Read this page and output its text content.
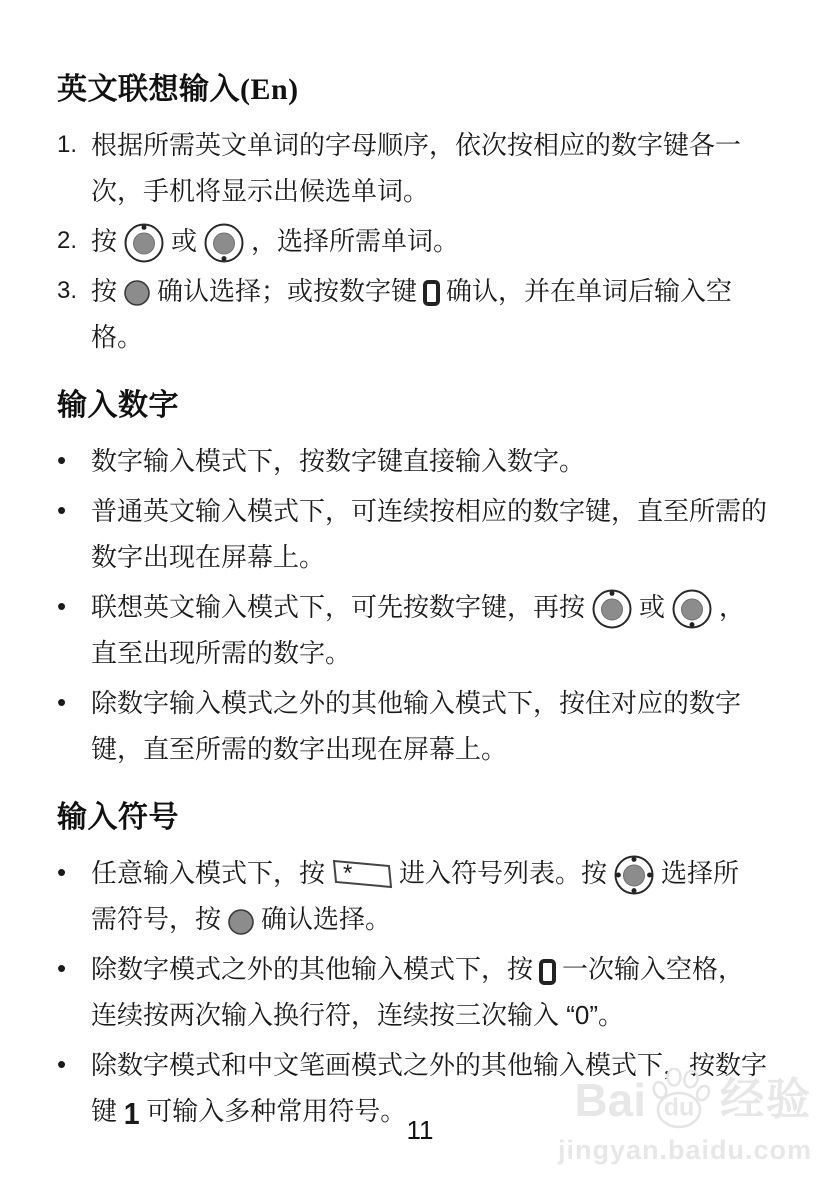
英文联想输入(En)
1. 根据所需英文单词的字母顺序，依次按相应的数字键各一
次，手机将显示出候选单词。
2. 按 或 ，选择所需单词。
3. 按 确认选择；或按数字键 确认，并在单词后输入空
格。
输入数字
• 数字输入模式下，按数字键直接输入数字。
• 普通英文输入模式下，可连续按相应的数字键，直至所需的
数字出现在屏幕上。
• 联想英文输入模式下，可先按数字键，再按 或 ，
直至出现所需的数字。
• 除数字输入模式之外的其他输入模式下，按住对应的数字
键，直至所需的数字出现在屏幕上。
输入符号
• 任意输入模式下，按 * 进入符号列表。按 选择所
需符号，按 确认选择。
• 除数字模式之外的其他输入模式下，按 一次输入空格，
连续按两次输入换行符，连续按三次输入 “0”。
• 除数字模式和中文笔画模式之外的其他输入模式下，按数字
键 1 可输入多种常用符号。
11
Bai du 经验
jingyan.baidu.com
